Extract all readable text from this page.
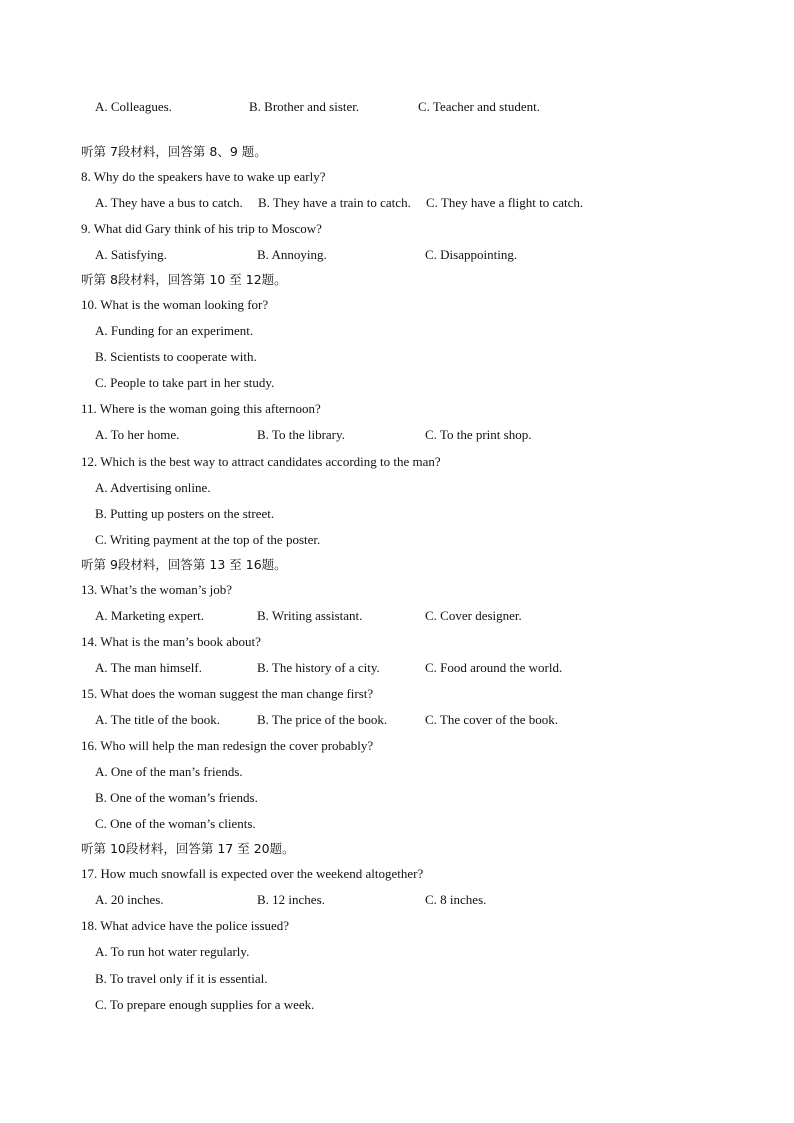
A. Colleagues.	B. Brother and sister.	C. Teacher and student.
听第 7段材料，回答第 8、9 题。
8. Why do the speakers have to wake up early?
A. They have a bus to catch. B. They have a train to catch. C. They have a flight to catch.
9. What did Gary think of his trip to Moscow?
A. Satisfying.	B. Annoying.	C. Disappointing.
听第 8段材料，回答第 10 至 12题。
10. What is the woman looking for?
A. Funding for an experiment.
B. Scientists to cooperate with.
C. People to take part in her study.
11. Where is the woman going this afternoon?
A. To her home.	B. To the library.	C. To the print shop.
12. Which is the best way to attract candidates according to the man?
A. Advertising online.
B. Putting up posters on the street.
C. Writing payment at the top of the poster.
听第 9段材料，回答第 13 至 16题。
13. What’s the woman’s job?
A. Marketing expert.	B. Writing assistant.	C. Cover designer.
14. What is the man’s book about?
A. The man himself.	B. The history of a city.	C. Food around the world.
15. What does the woman suggest the man change first?
A. The title of the book.	B. The price of the book.	C. The cover of the book.
16. Who will help the man redesign the cover probably?
A. One of the man’s friends.
B. One of the woman’s friends.
C. One of the woman’s clients.
听第 10段材料，回答第 17 至 20题。
17. How much snowfall is expected over the weekend altogether?
A. 20 inches.	B. 12 inches.	C. 8 inches.
18. What advice have the police issued?
A. To run hot water regularly.
B. To travel only if it is essential.
C. To prepare enough supplies for a week.
